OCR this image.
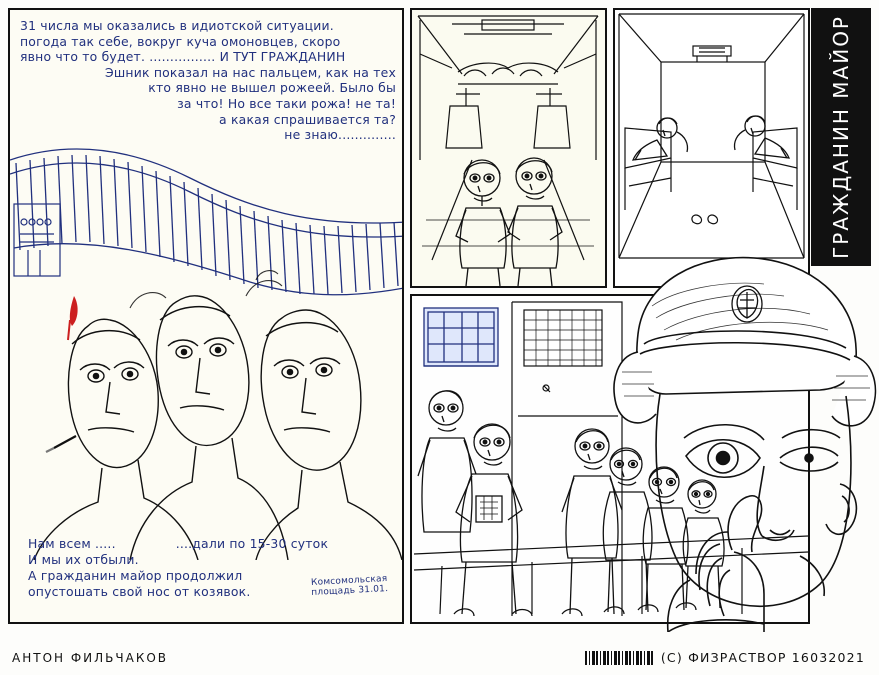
31 числа мы оказались в идиотской ситуации.
погода так себе, вокруг куча омоновцев, скоро
явно что то будет. ................ И ТУТ ГРАЖДАНИН
Эшник показал на нас пальцем, как на тех
кто явно не вышел рожеей. Было бы
за что! Но все таки рожа! не та!
а какая спрашивается та?
не знаю..............
Нам всем .....	....дали по 15-30 суток
И мы их отбыли.
А гражданин майор продолжил
опустошать свой нос от козявок.
Комсомольская
площадь 31.01.
ГРАЖДАНИН МАЙОР
АНТОН ФИЛЬЧАКОВ	(C) ФИЗРАСТВОР 16032021
